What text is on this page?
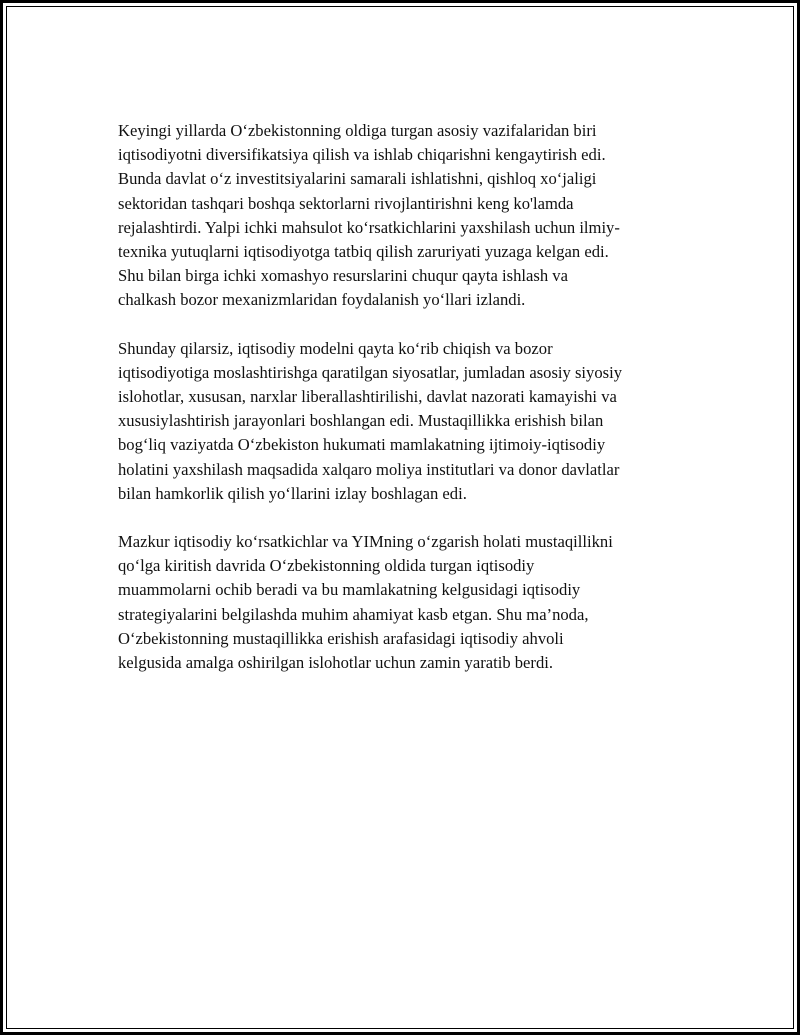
Keyingi yillarda O‘zbekistonning oldiga turgan asosiy vazifalaridan biri
iqtisodiyotni diversifikatsiya qilish va ishlab chiqarishni kengaytirish edi.
Bunda davlat o‘z investitsiyalarini samarali ishlatishni, qishloq xo‘jaligi
sektoridan tashqari boshqa sektorlarni rivojlantirishni keng ko'lamda
rejalashtirdi. Yalpi ichki mahsulot ko‘rsatkichlarini yaxshilash uchun ilmiy-
texnika yutuqlarni iqtisodiyotga tatbiq qilish zaruriyati yuzaga kelgan edi.
Shu bilan birga ichki xomashyo resurslarini chuqur qayta ishlash va
chalkash bozor mexanizmlaridan foydalanish yo‘llari izlandi.

Shunday qilarsiz, iqtisodiy modelni qayta ko‘rib chiqish va bozor
iqtisodiyotiga moslashtirishga qaratilgan siyosatlar, jumladan asosiy siyosiy
islohotlar, xususan, narxlar liberallashtirilishi, davlat nazorati kamayishi va
xususiylashtirish jarayonlari boshlangan edi. Mustaqillikka erishish bilan
bog‘liq vaziyatda O‘zbekiston hukumati mamlakatning ijtimoiy-iqtisodiy
holatini yaxshilash maqsadida xalqaro moliya institutlari va donor davlatlar
bilan hamkorlik qilish yo‘llarini izlay boshlagan edi.

Mazkur iqtisodiy ko‘rsatkichlar va YIMning o‘zgarish holati mustaqillikni
qo‘lga kiritish davrida O‘zbekistonning oldida turgan iqtisodiy
muammolarni ochib beradi va bu mamlakatning kelgusidagi iqtisodiy
strategiyalarini belgilashda muhim ahamiyat kasb etgan. Shu ma’noda,
O‘zbekistonning mustaqillikka erishish arafasidagi iqtisodiy ahvoli
kelgusida amalga oshirilgan islohotlar uchun zamin yaratib berdi.
